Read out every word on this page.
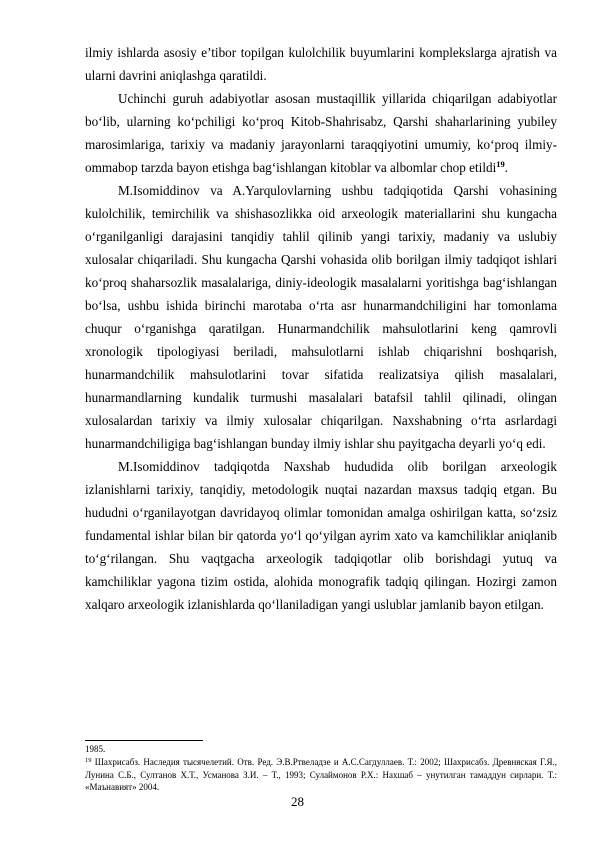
ilmiy ishlarda asosiy e’tibor topilgan kulolchilik buyumlarini komplekslarga ajratish va ularni davrini aniqlashga qaratildi.

Uchinchi guruh adabiyotlar asosan mustaqillik yillarida chiqarilgan adabiyotlar bo‘lib, ularning ko‘pchiligi ko‘proq Kitob-Shahrisabz, Qarshi shaharlarining yubiley marosimlariga, tarixiy va madaniy jarayonlarni taraqqiyotini umumiy, ko‘proq ilmiy-ommabop tarzda bayon etishga bag‘ishlangan kitoblar va albomlar chop etildi$^{19}$.

M.Isomiddinov va A.Yarqulovlarning ushbu tadqiqotida Qarshi vohasining kulolchilik, temirchilik va shishasozlikka oid arxeologik materiallarini shu kungacha o‘rganilganligi darajasini tanqidiy tahlil qilinib yangi tarixiy, madaniy va uslubiy xulosalar chiqariladi. Shu kungacha Qarshi vohasida olib borilgan ilmiy tadqiqot ishlari ko‘proq shaharsozlik masalalariga, diniy-ideologik masalalarni yoritishga bag‘ishlangan bo‘lsa, ushbu ishida birinchi marotaba o‘rta asr hunarmandchiligini har tomonlama chuqur o‘rganishga qaratilgan. Hunarmandchilik mahsulotlarini keng qamrovli xronologik tipologiyasi beriladi, mahsulotlarni ishlab chiqarishni boshqarish, hunarmandchilik mahsulotlarini tovar sifatida realizatsiya qilish masalalari, hunarmandlarning kundalik turmushi masalalari batafsil tahlil qilinadi, olingan xulosalardan tarixiy va ilmiy xulosalar chiqarilgan. Naxshabning o‘rta asrlardagi hunarmandchiligiga bag‘ishlangan bunday ilmiy ishlar shu payitgacha deyarli yo‘q edi.

M.Isomiddinov tadqiqotda Naxshab hududida olib borilgan arxeologik izlanishlarni tarixiy, tanqidiy, metodologik nuqtai nazardan maxsus tadqiq etgan. Bu hududni o‘rganilayotgan davridayoq olimlar tomonidan amalga oshirilgan katta, so‘zsiz fundamental ishlar bilan bir qatorda yo‘l qo‘yilgan ayrim xato va kamchiliklar aniqlanib to‘g‘rilangan. Shu vaqtgacha arxeologik tadqiqotlar olib borishdagi yutuq va kamchiliklar yagona tizim ostida, alohida monografik tadqiq qilingan. Hozirgi zamon xalqaro arxeologik izlanishlarda qo‘llaniladigan yangi uslublar jamlanib bayon etilgan.

1985.

$^{19}$ Шахрисабз. Наследия тысячелетий. Отв. Ред. Э.В.Ртвеладзе и А.С.Сагдуллаев. Т.: 2002; Шахрисабз. Древняская Г.Я., Лунина С.Б., Султанов Х.Т., Усманова З.И. – Т., 1993; Сулаймонов Р.Х.: Нахшаб – унутилган тамаддун сирлари. Т.: «Маънавият» 2004.

28
